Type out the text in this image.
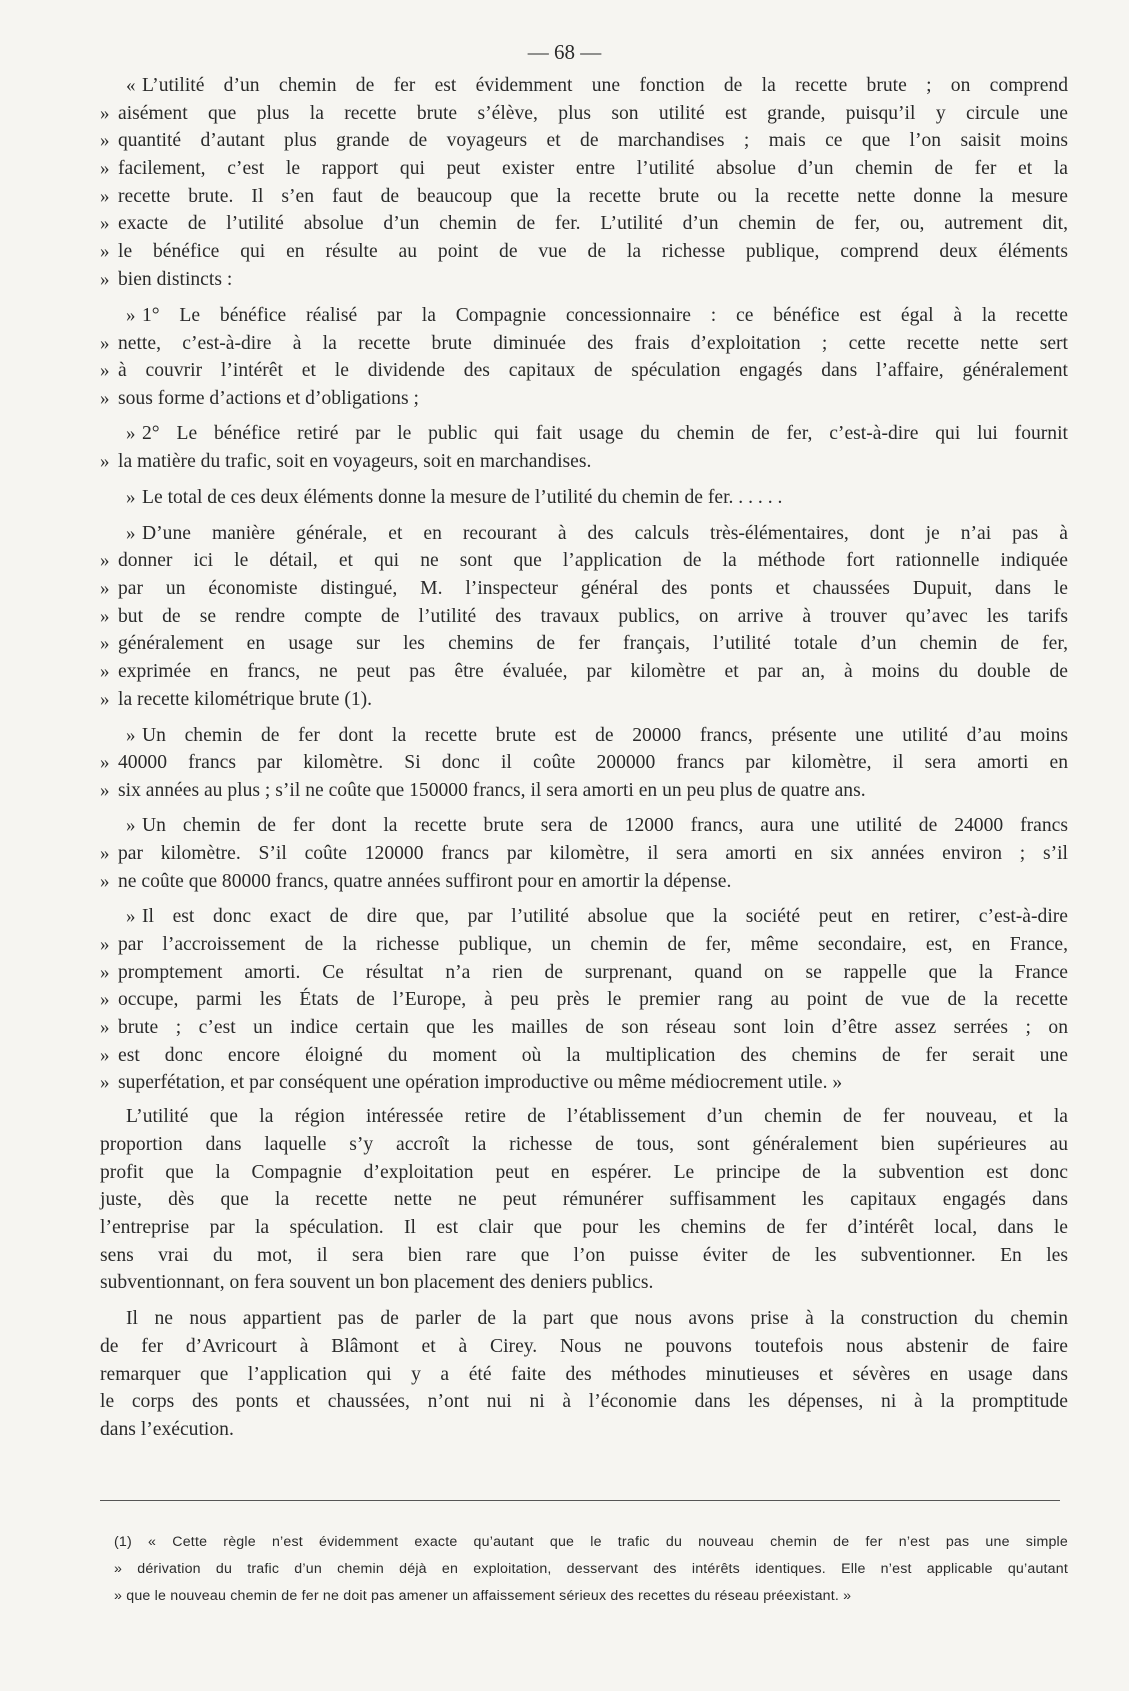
— 68 —
« L’utilité d’un chemin de fer est évidemment une fonction de la recette brute ; on comprend
» aisément que plus la recette brute s’élève, plus son utilité est grande, puisqu’il y circule une
» quantité d’autant plus grande de voyageurs et de marchandises ; mais ce que l’on saisit moins
» facilement, c’est le rapport qui peut exister entre l’utilité absolue d’un chemin de fer et la
» recette brute. Il s’en faut de beaucoup que la recette brute ou la recette nette donne la mesure
» exacte de l’utilité absolue d’un chemin de fer. L’utilité d’un chemin de fer, ou, autrement dit,
» le bénéfice qui en résulte au point de vue de la richesse publique, comprend deux éléments
» bien distincts :
» 1° Le bénéfice réalisé par la Compagnie concessionnaire : ce bénéfice est égal à la recette
» nette, c’est-à-dire à la recette brute diminuée des frais d’exploitation ; cette recette nette sert
» à couvrir l’intérêt et le dividende des capitaux de spéculation engagés dans l’affaire, généralement
» sous forme d’actions et d’obligations ;
» 2° Le bénéfice retiré par le public qui fait usage du chemin de fer, c’est-à-dire qui lui fournit
» la matière du trafic, soit en voyageurs, soit en marchandises.
» Le total de ces deux éléments donne la mesure de l’utilité du chemin de fer. . . . . .
» D’une manière générale, et en recourant à des calculs très-élémentaires, dont je n’ai pas à
» donner ici le détail, et qui ne sont que l’application de la méthode fort rationnelle indiquée
» par un économiste distingué, M. l’inspecteur général des ponts et chaussées Dupuit, dans le
» but de se rendre compte de l’utilité des travaux publics, on arrive à trouver qu’avec les tarifs
» généralement en usage sur les chemins de fer français, l’utilité totale d’un chemin de fer,
» exprimée en francs, ne peut pas être évaluée, par kilomètre et par an, à moins du double de
» la recette kilométrique brute (1).
» Un chemin de fer dont la recette brute est de 20000 francs, présente une utilité d’au moins
» 40000 francs par kilomètre. Si donc il coûte 200000 francs par kilomètre, il sera amorti en
» six années au plus ; s’il ne coûte que 150000 francs, il sera amorti en un peu plus de quatre ans.
» Un chemin de fer dont la recette brute sera de 12000 francs, aura une utilité de 24000 francs
» par kilomètre. S’il coûte 120000 francs par kilomètre, il sera amorti en six années environ ; s’il
» ne coûte que 80000 francs, quatre années suffiront pour en amortir la dépense.
» Il est donc exact de dire que, par l’utilité absolue que la société peut en retirer, c’est-à-dire
» par l’accroissement de la richesse publique, un chemin de fer, même secondaire, est, en France,
» promptement amorti. Ce résultat n’a rien de surprenant, quand on se rappelle que la France
» occupe, parmi les États de l’Europe, à peu près le premier rang au point de vue de la recette
» brute ; c’est un indice certain que les mailles de son réseau sont loin d’être assez serrées ; on
» est donc encore éloigné du moment où la multiplication des chemins de fer serait une
» superfétation, et par conséquent une opération improductive ou même médiocrement utile. »
L’utilité que la région intéressée retire de l’établissement d’un chemin de fer nouveau, et la
proportion dans laquelle s’y accroît la richesse de tous, sont généralement bien supérieures au
profit que la Compagnie d’exploitation peut en espérer. Le principe de la subvention est donc
juste, dès que la recette nette ne peut rémunérer suffisamment les capitaux engagés dans
l’entreprise par la spéculation. Il est clair que pour les chemins de fer d’intérêt local, dans le
sens vrai du mot, il sera bien rare que l’on puisse éviter de les subventionner. En les
subventionnant, on fera souvent un bon placement des deniers publics.
Il ne nous appartient pas de parler de la part que nous avons prise à la construction du chemin
de fer d’Avricourt à Blâmont et à Cirey. Nous ne pouvons toutefois nous abstenir de faire
remarquer que l’application qui y a été faite des méthodes minutieuses et sévères en usage dans
le corps des ponts et chaussées, n’ont nui ni à l’économie dans les dépenses, ni à la promptitude
dans l’exécution.
(1) « Cette règle n’est évidemment exacte qu’autant que le trafic du nouveau chemin de fer n’est pas une simple
» dérivation du trafic d’un chemin déjà en exploitation, desservant des intérêts identiques. Elle n’est applicable qu’autant
» que le nouveau chemin de fer ne doit pas amener un affaissement sérieux des recettes du réseau préexistant. »
